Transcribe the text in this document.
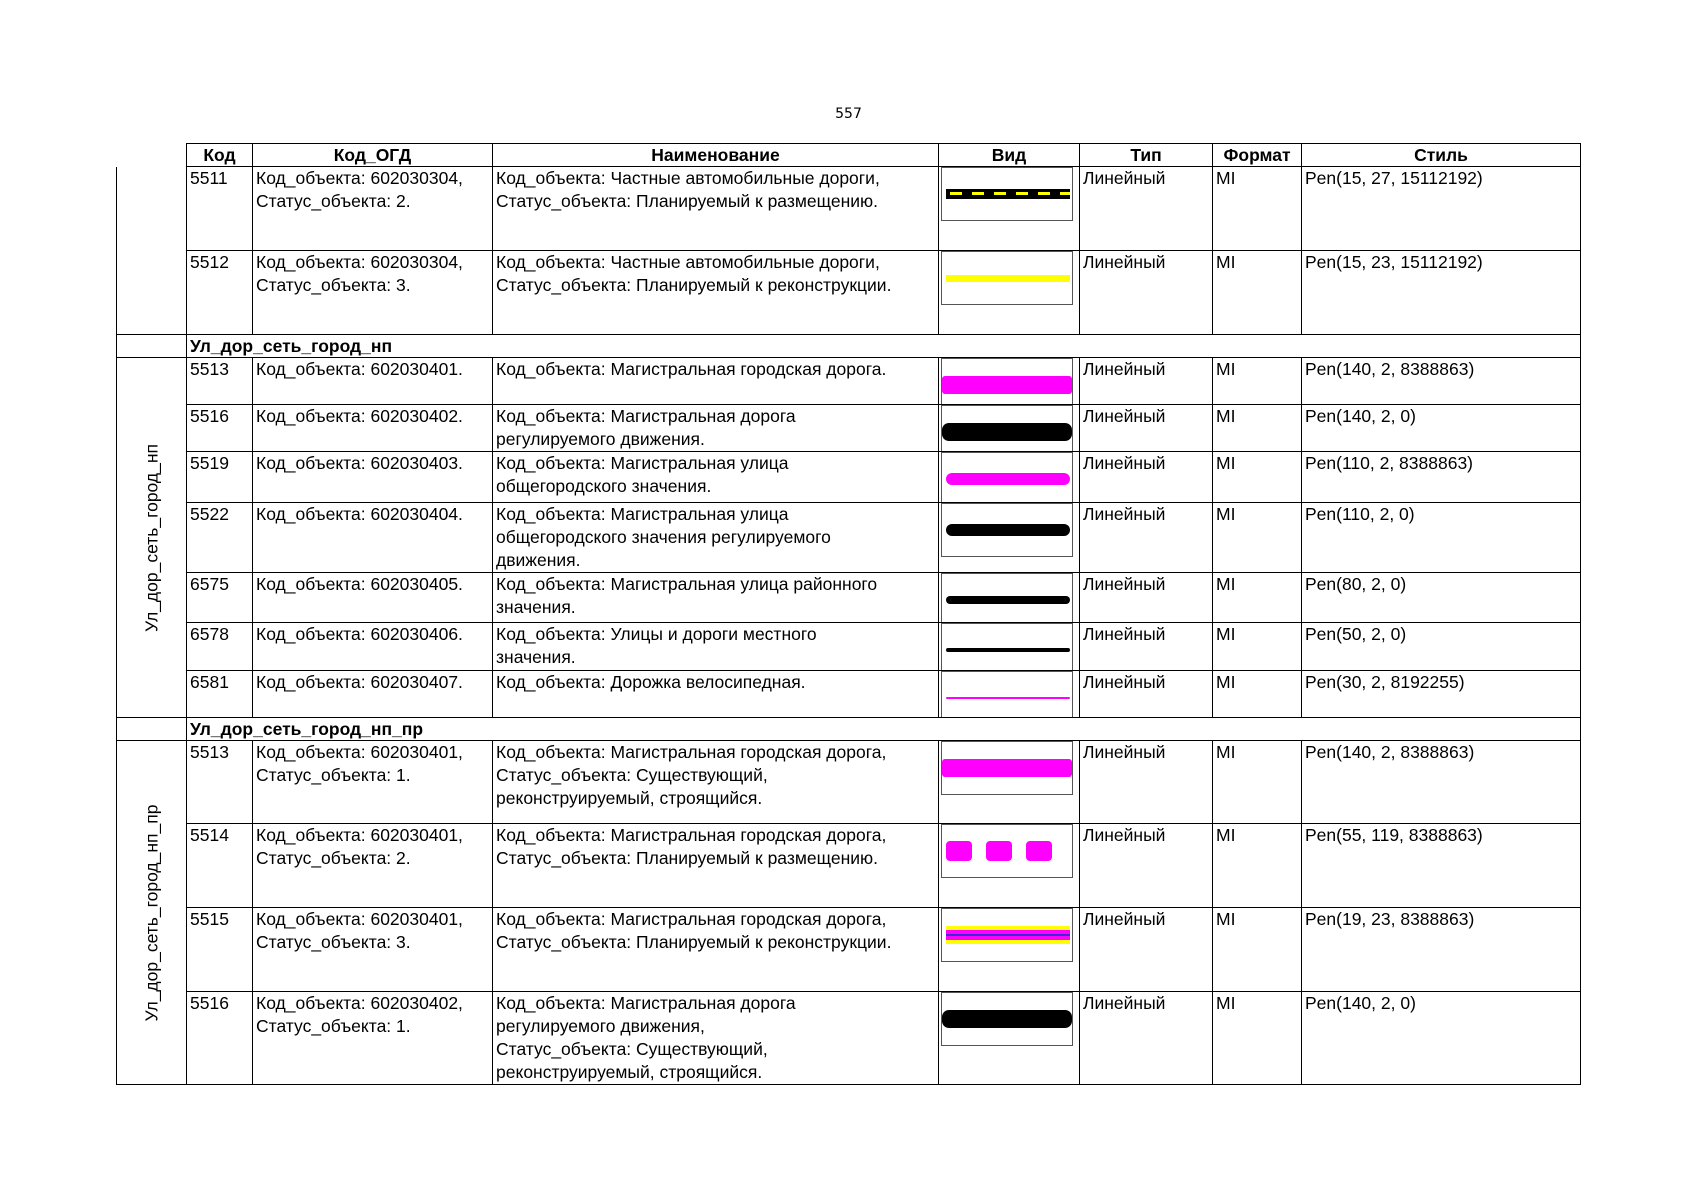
557
	Код	Код_ОГД	Наименование	Вид	Тип	Формат	Стиль
	5511	Код_объекта: 602030304,
Статус_объекта: 2.	Код_объекта: Частные автомобильные дороги,
Статус_объекта: Планируемый к размещению.		Линейный	MI	Pen(15, 27, 15112192)
	5512	Код_объекта: 602030304,
Статус_объекта: 3.	Код_объекта: Частные автомобильные дороги,
Статус_объекта: Планируемый к реконструкции.		Линейный	MI	Pen(15, 23, 15112192)
	Ул_дор_сеть_город_нп						

Ул_дор_сеть_город_нп	5513	Код_объекта: 602030401.	Код_объекта: Магистральная городская дорога.		Линейный	MI	Pen(140, 2, 8388863)
	5516	Код_объекта: 602030402.	Код_объекта: Магистральная дорога
регулируемого движения.		Линейный	MI	Pen(140, 2, 0)
	5519	Код_объекта: 602030403.	Код_объекта: Магистральная улица
общегородского значения.		Линейный	MI	Pen(110, 2, 8388863)
	5522	Код_объекта: 602030404.	Код_объекта: Магистральная улица
общегородского значения регулируемого
движения.		Линейный	MI	Pen(110, 2, 0)
	6575	Код_объекта: 602030405.	Код_объекта: Магистральная улица районного
значения.		Линейный	MI	Pen(80, 2, 0)
	6578	Код_объекта: 602030406.	Код_объекта: Улицы и дороги местного
значения.		Линейный	MI	Pen(50, 2, 0)
	6581	Код_объекта: 602030407.	Код_объекта: Дорожка велосипедная.		Линейный	MI	Pen(30, 2, 8192255)
	Ул_дор_сеть_город_нп_пр						

Ул_дор_сеть_город_нп_пр	5513	Код_объекта: 602030401,
Статус_объекта: 1.	Код_объекта: Магистральная городская дорога,
Статус_объекта: Существующий,
реконструируемый, строящийся.		Линейный	MI	Pen(140, 2, 8388863)
	5514	Код_объекта: 602030401,
Статус_объекта: 2.	Код_объекта: Магистральная городская дорога,
Статус_объекта: Планируемый к размещению.		Линейный	MI	Pen(55, 119, 8388863)
	5515	Код_объекта: 602030401,
Статус_объекта: 3.	Код_объекта: Магистральная городская дорога,
Статус_объекта: Планируемый к реконструкции.		Линейный	MI	Pen(19, 23, 8388863)
	5516	Код_объекта: 602030402,
Статус_объекта: 1.	Код_объекта: Магистральная дорога
регулируемого движения,
Статус_объекта: Существующий,
реконструируемый, строящийся.		Линейный	MI	Pen(140, 2, 0)
